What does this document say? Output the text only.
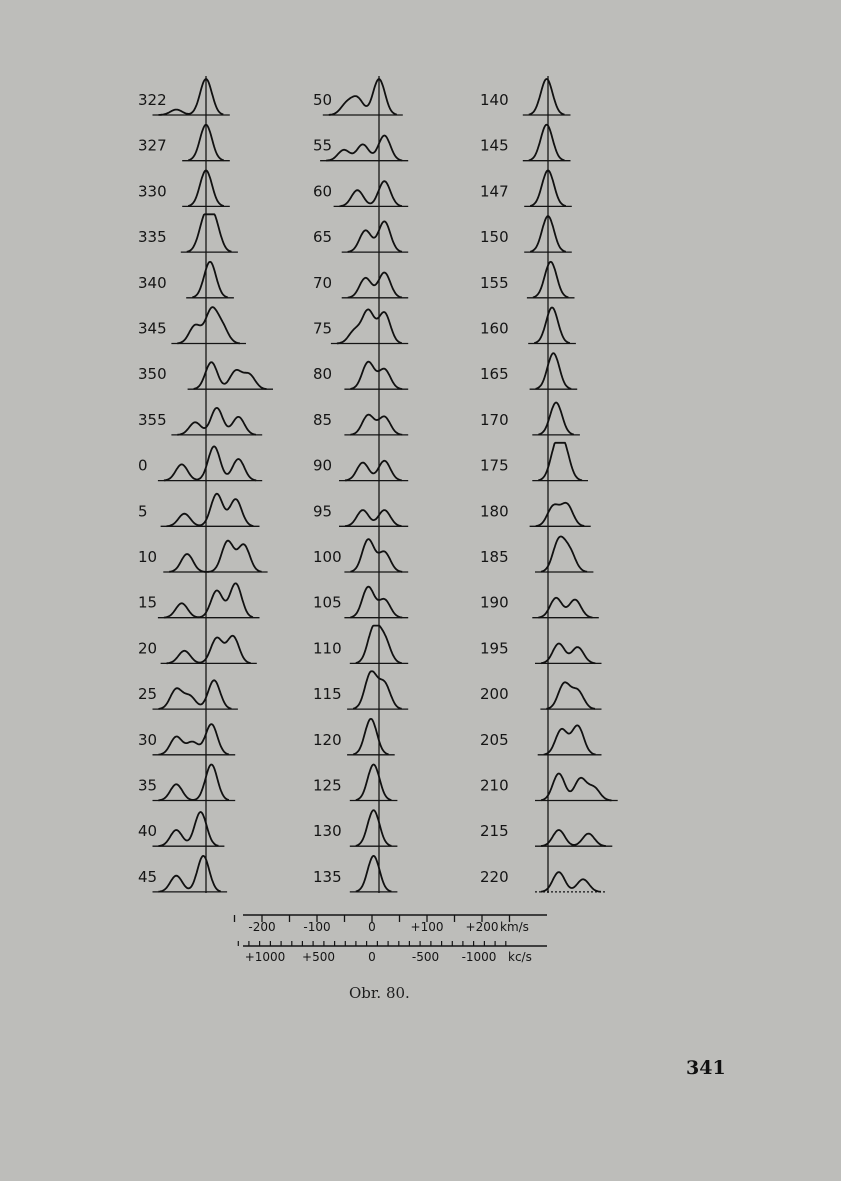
322
327
330
335
340
345
350
355
0
5
10
15
20
25
30
35
40
45
50
55
60
65
70
75
80
85
90
95
100
105
110
115
120
125
130
135
140
145
147
150
155
160
165
170
175
180
185
190
195
200
205
210
215
220
-200 -100	0	+100 +200 km/s
+1000 +500	0	-500 -1000 kc/s
Obr. 80.
341
